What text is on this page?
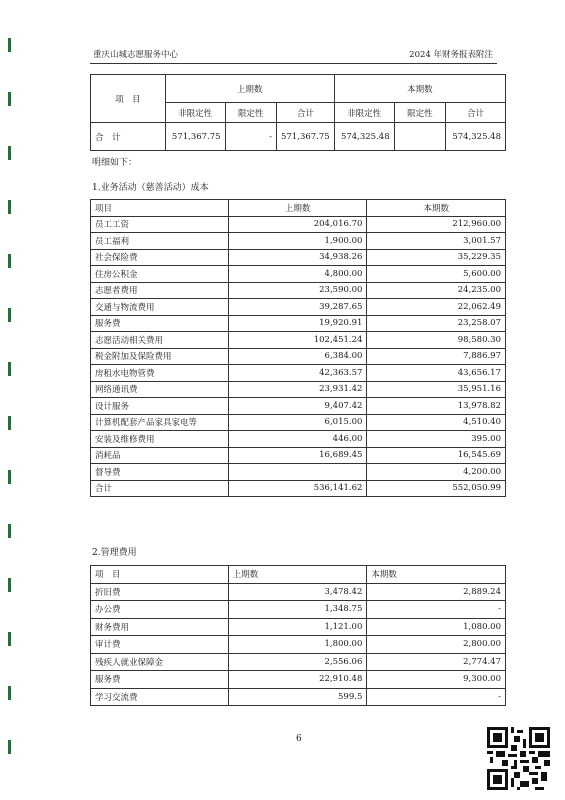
重庆山城志愿服务中心	2024 年财务报表附注
项　目	上期数			本期数		
	非限定性	限定性	合计	非限定性	限定性	合计
合　计	571,367.75	-	571,367.75	574,325.48		574,325.48
明细如下：
1.业务活动（慈善活动）成本
项目	上期数	本期数
员工工资	204,016.70	212,960.00
员工福利	1,900.00	3,001.57
社会保险费	34,938.26	35,229.35
住房公积金	4,800.00	5,600.00
志愿者费用	23,590.00	24,235.00
交通与物流费用	39,287.65	22,062.49
服务费	19,920.91	23,258.07
志愿活动相关费用	102,451.24	98,580.30
税金附加及保险费用	6,384.00	7,886.97
房租水电物管费	42,363.57	43,656.17
网络通讯费	23,931.42	35,951.16
设计服务	9,407.42	13,978.82
计算机配套产品家具家电等	6,015.00	4,510.40
安装及维修费用	446.00	395.00
消耗品	16,689.45	16,545.69
督导费		4,200.00
合计	536,141.62	552,050.99
2.管理费用
项　目	上期数	本期数
折旧费	3,478.42	2,889.24
办公费	1,348.75	-
财务费用	1,121.00	1,080.00
审计费	1,800.00	2,800.00
残疾人就业保障金	2,556.06	2,774.47
服务费	22,910.48	9,300.00
学习交流费	599.5	-
6
